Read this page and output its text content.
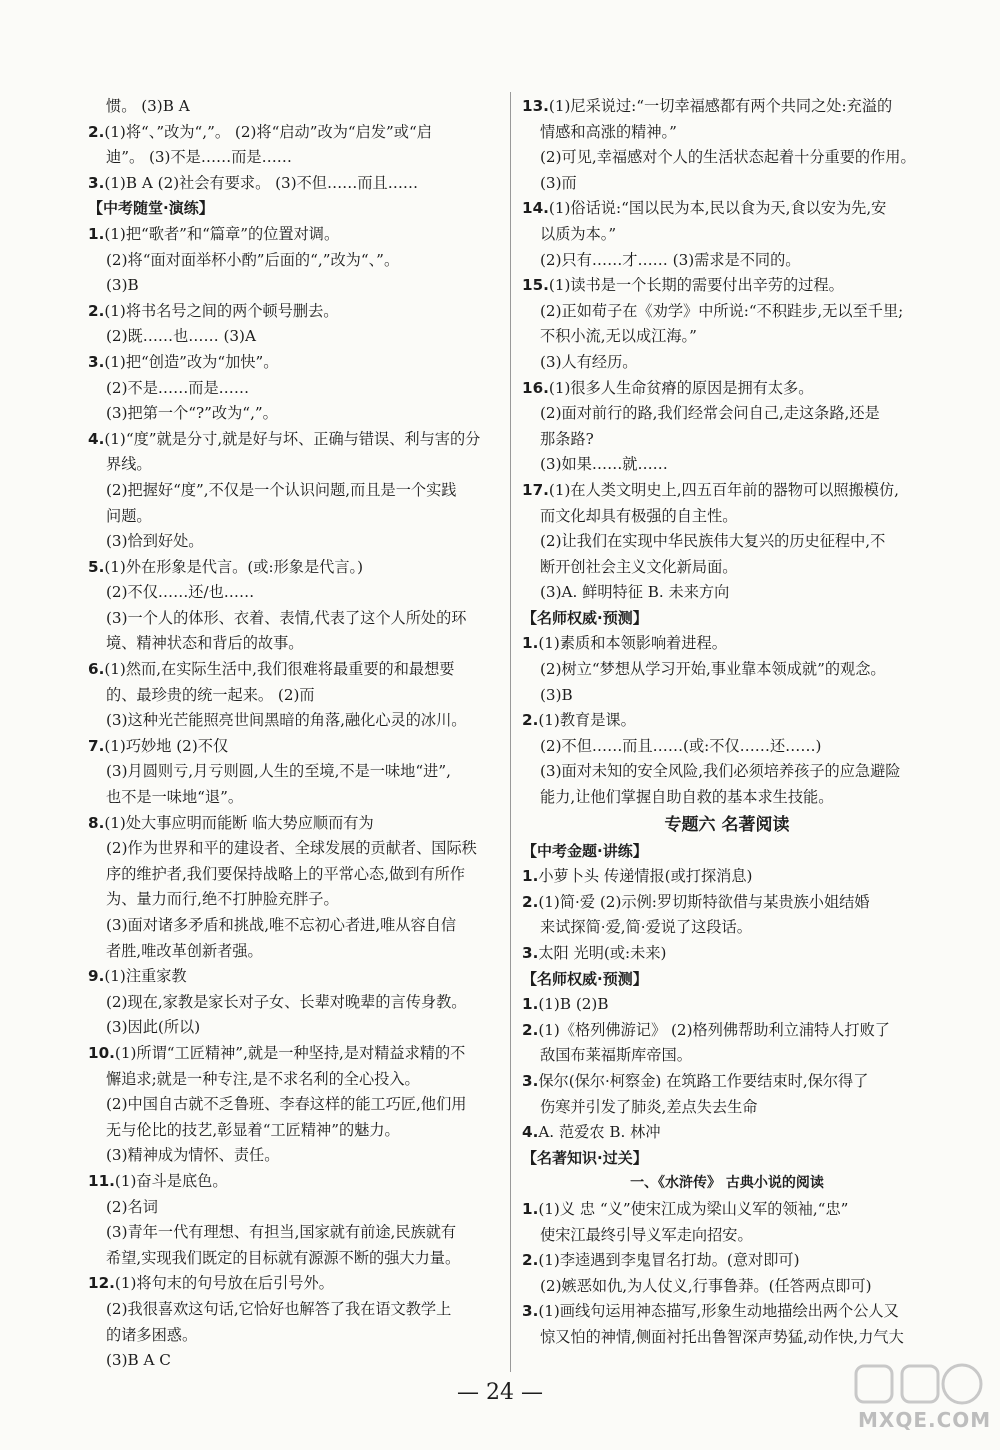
惯。 (3)B A
2.(1)将“、”改为“,”。 (2)将“启动”改为“启发”或“启
迪”。 (3)不是……而是……
3.(1)B A (2)社会有要求。 (3)不但……而且……
【中考随堂·演练】
1.(1)把“歌者”和“篇章”的位置对调。
(2)将“面对面举杯小酌”后面的“,”改为“、”。
(3)B
2.(1)将书名号之间的两个顿号删去。
(2)既……也…… (3)A
3.(1)把“创造”改为“加快”。
(2)不是……而是……
(3)把第一个“?”改为“,”。
4.(1)“度”就是分寸,就是好与坏、正确与错误、利与害的分
界线。
(2)把握好“度”,不仅是一个认识问题,而且是一个实践
问题。
(3)恰到好处。
5.(1)外在形象是代言。(或:形象是代言。)
(2)不仅……还/也……
(3)一个人的体形、衣着、表情,代表了这个人所处的环
境、精神状态和背后的故事。
6.(1)然而,在实际生活中,我们很难将最重要的和最想要
的、最珍贵的统一起来。 (2)而
(3)这种光芒能照亮世间黑暗的角落,融化心灵的冰川。
7.(1)巧妙地 (2)不仅
(3)月圆则亏,月亏则圆,人生的至境,不是一味地“进”,
也不是一味地“退”。
8.(1)处大事应明而能断 临大势应顺而有为
(2)作为世界和平的建设者、全球发展的贡献者、国际秩
序的维护者,我们要保持战略上的平常心态,做到有所作
为、量力而行,绝不打肿脸充胖子。
(3)面对诸多矛盾和挑战,唯不忘初心者进,唯从容自信
者胜,唯改革创新者强。
9.(1)注重家教
(2)现在,家教是家长对子女、长辈对晚辈的言传身教。
(3)因此(所以)
10.(1)所谓“工匠精神”,就是一种坚持,是对精益求精的不
懈追求;就是一种专注,是不求名利的全心投入。
(2)中国自古就不乏鲁班、李春这样的能工巧匠,他们用
无与伦比的技艺,彰显着“工匠精神”的魅力。
(3)精神成为情怀、责任。
11.(1)奋斗是底色。
(2)名词
(3)青年一代有理想、有担当,国家就有前途,民族就有
希望,实现我们既定的目标就有源源不断的强大力量。
12.(1)将句末的句号放在后引号外。
(2)我很喜欢这句话,它恰好也解答了我在语文教学上
的诸多困惑。
(3)B A C
13.(1)尼采说过:“一切幸福感都有两个共同之处:充溢的
情感和高涨的精神。”
(2)可见,幸福感对个人的生活状态起着十分重要的作用。
(3)而
14.(1)俗话说:“国以民为本,民以食为天,食以安为先,安
以质为本。”
(2)只有……才…… (3)需求是不同的。
15.(1)读书是一个长期的需要付出辛劳的过程。
(2)正如荀子在《劝学》中所说:“不积跬步,无以至千里;
不积小流,无以成江海。”
(3)人有经历。
16.(1)很多人生命贫瘠的原因是拥有太多。
(2)面对前行的路,我们经常会问自己,走这条路,还是
那条路?
(3)如果……就……
17.(1)在人类文明史上,四五百年前的器物可以照搬模仿,
而文化却具有极强的自主性。
(2)让我们在实现中华民族伟大复兴的历史征程中,不
断开创社会主义文化新局面。
(3)A. 鲜明特征 B. 未来方向
【名师权威·预测】
1.(1)素质和本领影响着进程。
(2)树立“梦想从学习开始,事业靠本领成就”的观念。
(3)B
2.(1)教育是课。
(2)不但……而且……(或:不仅……还……)
(3)面对未知的安全风险,我们必须培养孩子的应急避险
能力,让他们掌握自助自救的基本求生技能。
专题六 名著阅读
【中考金题·讲练】
1.小萝卜头 传递情报(或打探消息)
2.(1)简·爱 (2)示例:罗切斯特欲借与某贵族小姐结婚
来试探简·爱,简·爱说了这段话。
3.太阳 光明(或:未来)
【名师权威·预测】
1.(1)B (2)B
2.(1)《格列佛游记》 (2)格列佛帮助利立浦特人打败了
敌国布莱福斯库帝国。
3.保尔(保尔·柯察金) 在筑路工作要结束时,保尔得了
伤寒并引发了肺炎,差点失去生命
4.A. 范爱农 B. 林冲
【名著知识·过关】
一、《水浒传》 古典小说的阅读
1.(1)义 忠 “义”使宋江成为梁山义军的领袖,“忠”
使宋江最终引导义军走向招安。
2.(1)李逵遇到李鬼冒名打劫。(意对即可)
(2)嫉恶如仇,为人仗义,行事鲁莽。(任答两点即可)
3.(1)画线句运用神态描写,形象生动地描绘出两个公人又
惊又怕的神情,侧面衬托出鲁智深声势猛,动作快,力气大
— 24 —
MXQE.COM
